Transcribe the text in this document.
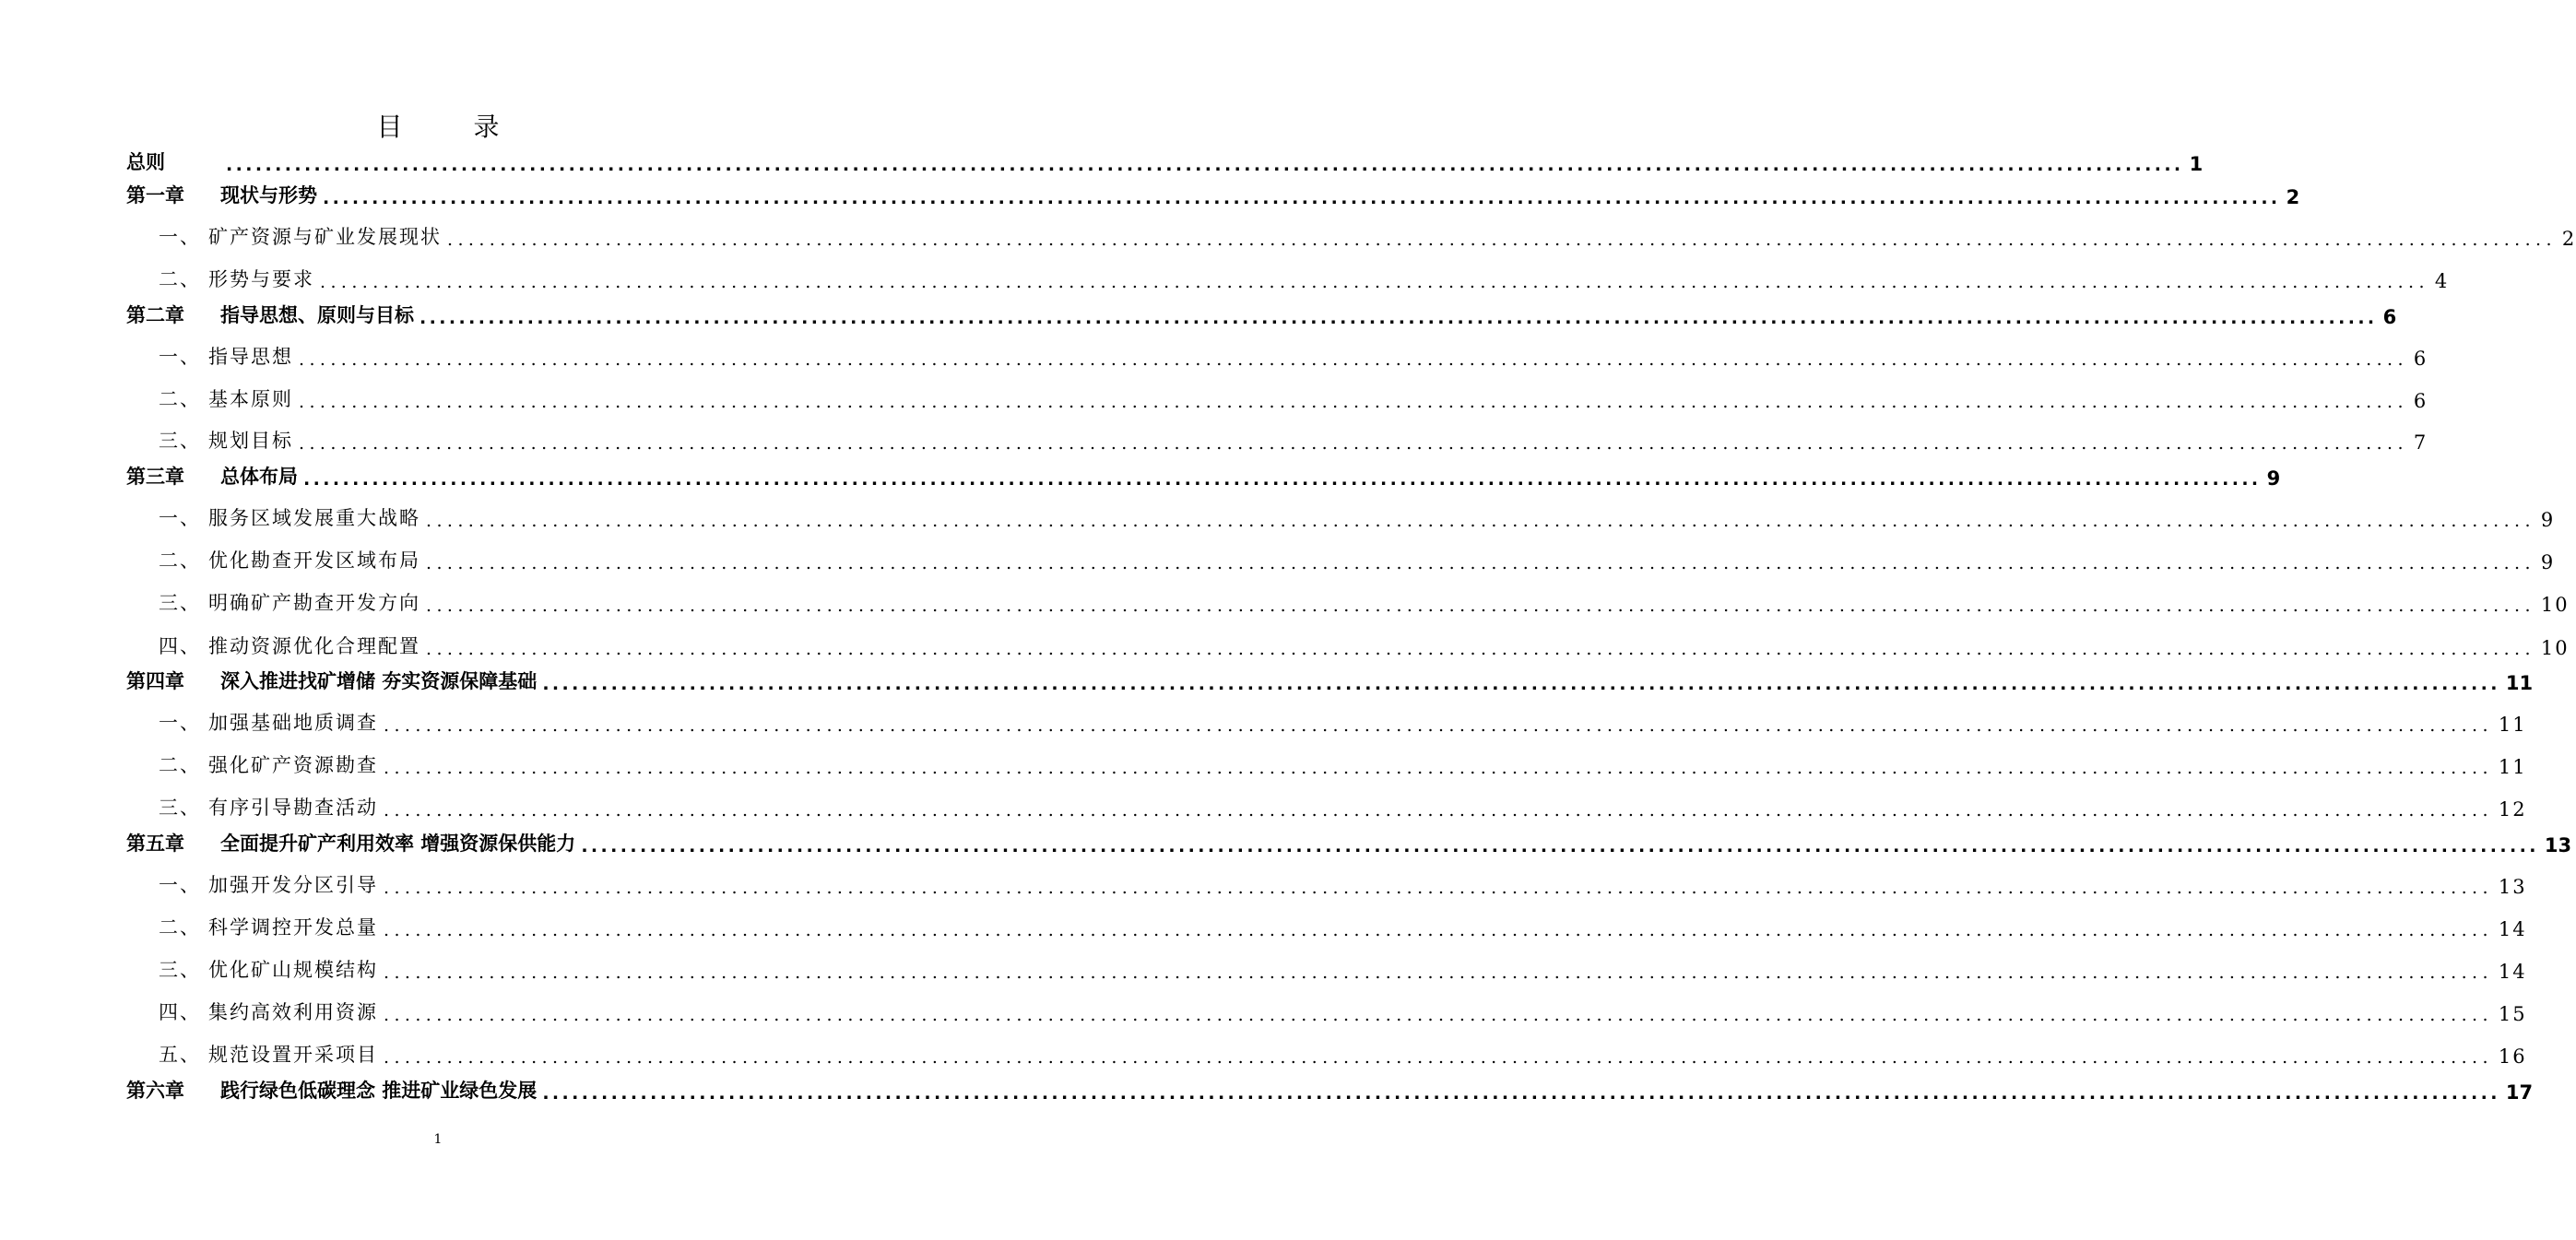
目 录
总则	........................................................................................................................................................................................................ 1
第一章 现状与形势 ........................................................................................................................................................................................................ 2
一、 矿产资源与矿业发展现状 ........................................................................................................................................................................................................ 2
二、 形势与要求 ........................................................................................................................................................................................................ 4
第二章 指导思想、原则与目标 ........................................................................................................................................................................................................ 6
一、 指导思想 ........................................................................................................................................................................................................ 6
二、 基本原则 ........................................................................................................................................................................................................ 6
三、 规划目标 ........................................................................................................................................................................................................ 7
第三章 总体布局 ........................................................................................................................................................................................................ 9
一、 服务区域发展重大战略 ........................................................................................................................................................................................................ 9
二、 优化勘查开发区域布局 ........................................................................................................................................................................................................ 9
三、 明确矿产勘查开发方向 ........................................................................................................................................................................................................ 10
四、 推动资源优化合理配置 ........................................................................................................................................................................................................ 10
第四章 深入推进找矿增储 夯实资源保障基础 ........................................................................................................................................................................................................ 11
一、 加强基础地质调查 ........................................................................................................................................................................................................ 11
二、 强化矿产资源勘查 ........................................................................................................................................................................................................ 11
三、 有序引导勘查活动 ........................................................................................................................................................................................................ 12
第五章 全面提升矿产利用效率 增强资源保供能力 ........................................................................................................................................................................................................ 13
一、 加强开发分区引导 ........................................................................................................................................................................................................ 13
二、 科学调控开发总量 ........................................................................................................................................................................................................ 14
三、 优化矿山规模结构 ........................................................................................................................................................................................................ 14
四、 集约高效利用资源 ........................................................................................................................................................................................................ 15
五、 规范设置开采项目 ........................................................................................................................................................................................................ 16
第六章 践行绿色低碳理念 推进矿业绿色发展 ........................................................................................................................................................................................................ 17
1
